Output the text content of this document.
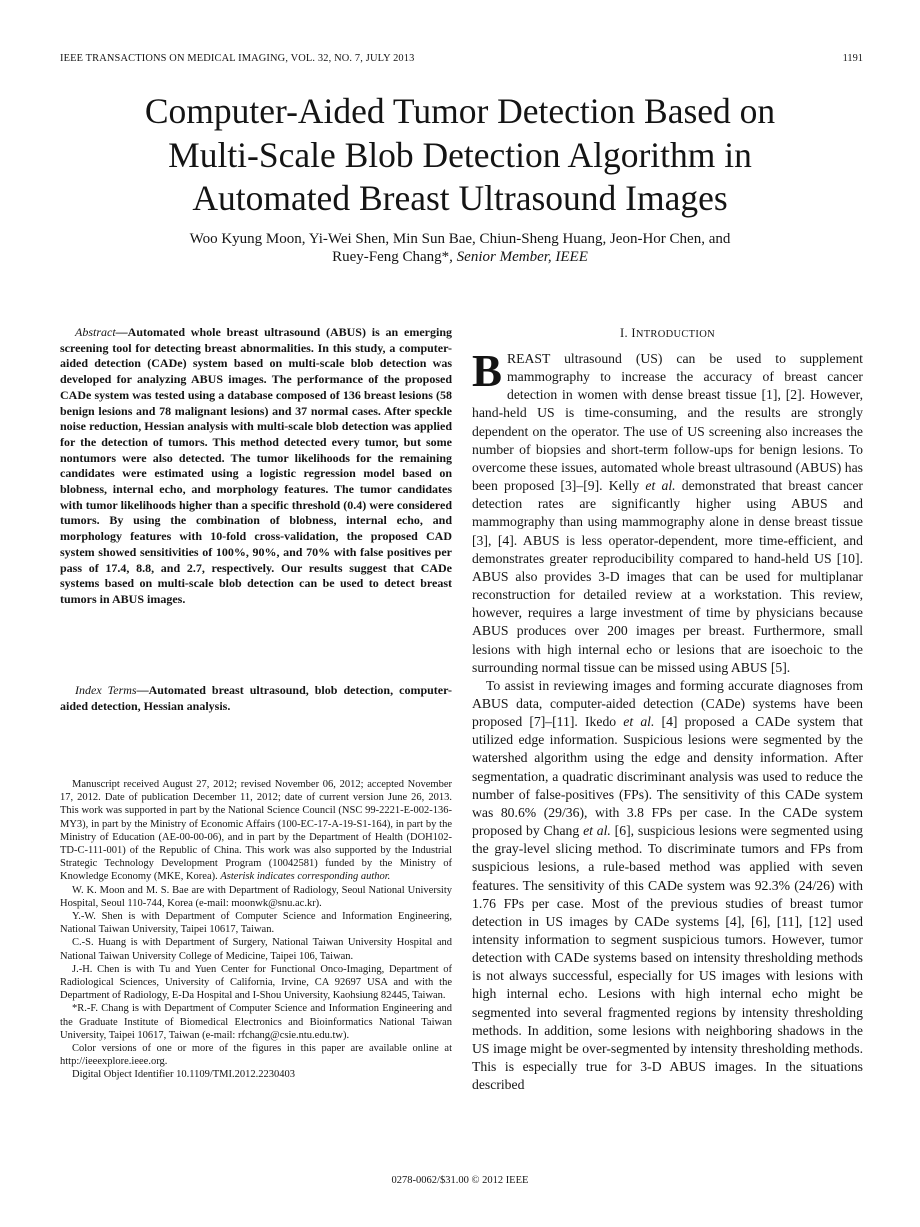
IEEE TRANSACTIONS ON MEDICAL IMAGING, VOL. 32, NO. 7, JULY 2013	1191
Computer-Aided Tumor Detection Based on
Multi-Scale Blob Detection Algorithm in
Automated Breast Ultrasound Images
Woo Kyung Moon, Yi-Wei Shen, Min Sun Bae, Chiun-Sheng Huang, Jeon-Hor Chen, and
Ruey-Feng Chang*, Senior Member, IEEE

Abstract—Automated whole breast ultrasound (ABUS) is an emerging screening tool for detecting breast abnormalities. In this study, a computer-aided detection (CADe) system based on multi-scale blob detection was developed for analyzing ABUS images. The performance of the proposed CADe system was tested using a database composed of 136 breast lesions (58 benign lesions and 78 malignant lesions) and 37 normal cases. After speckle noise reduction, Hessian analysis with multi-scale blob detection was applied for the detection of tumors. This method detected every tumor, but some nontumors were also detected. The tumor likelihoods for the remaining candidates were estimated using a logistic regression model based on blobness, internal echo, and morphology features. The tumor candidates with tumor likelihoods higher than a specific threshold (0.4) were considered tumors. By using the combination of blobness, internal echo, and morphology features with 10-fold cross-validation, the proposed CAD system showed sensitivities of 100%, 90%, and 70% with false positives per pass of 17.4, 8.8, and 2.7, respectively. Our results suggest that CADe systems based on multi-scale blob detection can be used to detect breast tumors in ABUS images.

Index Terms—Automated breast ultrasound, blob detection, computer-aided detection, Hessian analysis.

Manuscript received August 27, 2012; revised November 06, 2012; accepted November 17, 2012. Date of publication December 11, 2012; date of current version June 26, 2013. This work was supported in part by the National Science Council (NSC 99-2221-E-002-136-MY3), in part by the Ministry of Economic Affairs (100-EC-17-A-19-S1-164), in part by the Ministry of Education (AE-00-00-06), and in part by the Department of Health (DOH102-TD-C-111-001) of the Republic of China. This work was also supported by the Industrial Strategic Technology Development Program (10042581) funded by the Ministry of Knowledge Economy (MKE, Korea). Asterisk indicates corresponding author.

W. K. Moon and M. S. Bae are with Department of Radiology, Seoul National University Hospital, Seoul 110-744, Korea (e-mail: moonwk@snu.ac.kr).

Y.-W. Shen is with Department of Computer Science and Information Engineering, National Taiwan University, Taipei 10617, Taiwan.

C.-S. Huang is with Department of Surgery, National Taiwan University Hospital and National Taiwan University College of Medicine, Taipei 106, Taiwan.

J.-H. Chen is with Tu and Yuen Center for Functional Onco-Imaging, Department of Radiological Sciences, University of California, Irvine, CA 92697 USA and with the Department of Radiology, E-Da Hospital and I-Shou University, Kaohsiung 82445, Taiwan.

*R.-F. Chang is with Department of Computer Science and Information Engineering and the Graduate Institute of Biomedical Electronics and Bioinformatics National Taiwan University, Taipei 10617, Taiwan (e-mail: rfchang@csie.ntu.edu.tw).

Color versions of one or more of the figures in this paper are available online at http://ieeexplore.ieee.org.

Digital Object Identifier 10.1109/TMI.2012.2230403

I. INTRODUCTION

BREAST ultrasound (US) can be used to supplement mammography to increase the accuracy of breast cancer detection in women with dense breast tissue [1], [2]. However, hand-held US is time-consuming, and the results are strongly dependent on the operator. The use of US screening also increases the number of biopsies and short-term follow-ups for benign lesions. To overcome these issues, automated whole breast ultrasound (ABUS) has been proposed [3]–[9]. Kelly et al. demonstrated that breast cancer detection rates are significantly higher using ABUS and mammography than using mammography alone in dense breast tissue [3], [4]. ABUS is less operator-dependent, more time-efficient, and demonstrates greater reproducibility compared to hand-held US [10]. ABUS also provides 3-D images that can be used for multiplanar reconstruction for detailed review at a workstation. This review, however, requires a large investment of time by physicians because ABUS produces over 200 images per breast. Furthermore, small lesions with high internal echo or lesions that are isoechoic to the surrounding normal tissue can be missed using ABUS [5].

To assist in reviewing images and forming accurate diagnoses from ABUS data, computer-aided detection (CADe) systems have been proposed [7]–[11]. Ikedo et al. [4] proposed a CADe system that utilized edge information. Suspicious lesions were segmented by the watershed algorithm using the edge and density information. After segmentation, a quadratic discriminant analysis was used to reduce the number of false-positives (FPs). The sensitivity of this CADe system was 80.6% (29/36), with 3.8 FPs per case. In the CADe system proposed by Chang et al. [6], suspicious lesions were segmented using the gray-level slicing method. To discriminate tumors and FPs from suspicious lesions, a rule-based method was applied with seven features. The sensitivity of this CADe system was 92.3% (24/26) with 1.76 FPs per case. Most of the previous studies of breast tumor detection in US images by CADe systems [4], [6], [11], [12] used intensity information to segment suspicious tumors. However, tumor detection with CADe systems based on intensity thresholding methods is not always successful, especially for US images with lesions with high internal echo. Lesions with high internal echo might be segmented into several fragmented regions by intensity thresholding methods. In addition, some lesions with neighboring shadows in the US image might be over-segmented by intensity thresholding methods. This is especially true for 3-D ABUS images. In the situations described

0278-0062/$31.00 © 2012 IEEE
